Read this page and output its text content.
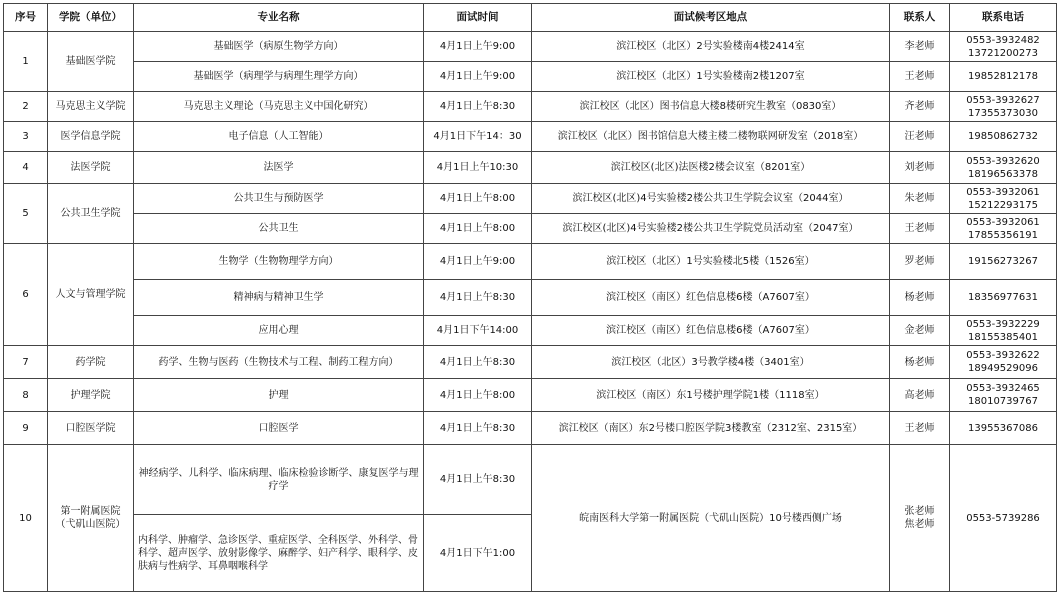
序号	学院（单位）	专业名称	面试时间	面试候考区地点	联系人	联系电话
1	基础医学院	基础医学（病原生物学方向）	4月1日上午9:00	滨江校区（北区）2号实验楼南4楼2414室	李老师	0553-3932482
13721200273
		基础医学（病理学与病理生理学方向）	4月1日上午9:00	滨江校区（北区）1号实验楼南2楼1207室	王老师	19852812178
2	马克思主义学院	马克思主义理论（马克思主义中国化研究）	4月1日上午8:30	滨江校区（北区）图书信息大楼8楼研究生教室（0830室）	齐老师	0553-3932627
17355373030
3	医学信息学院	电子信息（人工智能）	4月1日下午14：30	滨江校区（北区）图书馆信息大楼主楼二楼物联网研发室（2018室）	汪老师	19850862732
4	法医学院	法医学	4月1日上午10:30	滨江校区(北区)法医楼2楼会议室（8201室）	刘老师	0553-3932620
18196563378
5	公共卫生学院	公共卫生与预防医学	4月1日上午8:00	滨江校区(北区)4号实验楼2楼公共卫生学院会议室（2044室）	朱老师	0553-3932061
15212293175
		公共卫生	4月1日上午8:00	滨江校区(北区)4号实验楼2楼公共卫生学院党员活动室（2047室）	王老师	0553-3932061
17855356191
6	人文与管理学院	生物学（生物物理学方向）	4月1日上午9:00	滨江校区（北区）1号实验楼北5楼（1526室）	罗老师	19156273267
		精神病与精神卫生学	4月1日上午8:30	滨江校区（南区）红色信息楼6楼（A7607室）	杨老师	18356977631
		应用心理	4月1日下午14:00	滨江校区（南区）红色信息楼6楼（A7607室）	金老师	0553-3932229
18155385401
7	药学院	药学、生物与医药（生物技术与工程、制药工程方向）	4月1日上午8:30	滨江校区（北区）3号教学楼4楼（3401室）	杨老师	0553-3932622
18949529096
8	护理学院	护理	4月1日上午8:00	滨江校区（南区）东1号楼护理学院1楼（1118室）	高老师	0553-3932465
18010739767
9	口腔医学院	口腔医学	4月1日上午8:30	滨江校区（南区）东2号楼口腔医学院3楼教室（2312室、2315室）	王老师	13955367086
10	第一附属医院
（弋矶山医院）	神经病学、儿科学、临床病理、临床检验诊断学、康复医学与理疗学	4月1日上午8:30	皖南医科大学第一附属医院（弋矶山医院）10号楼西侧广场	张老师
焦老师	0553-5739286
		内科学、肿瘤学、急诊医学、重症医学、全科医学、外科学、骨科学、超声医学、放射影像学、麻醉学、妇产科学、眼科学、皮肤病与性病学、耳鼻咽喉科学	4月1日下午1:00			
